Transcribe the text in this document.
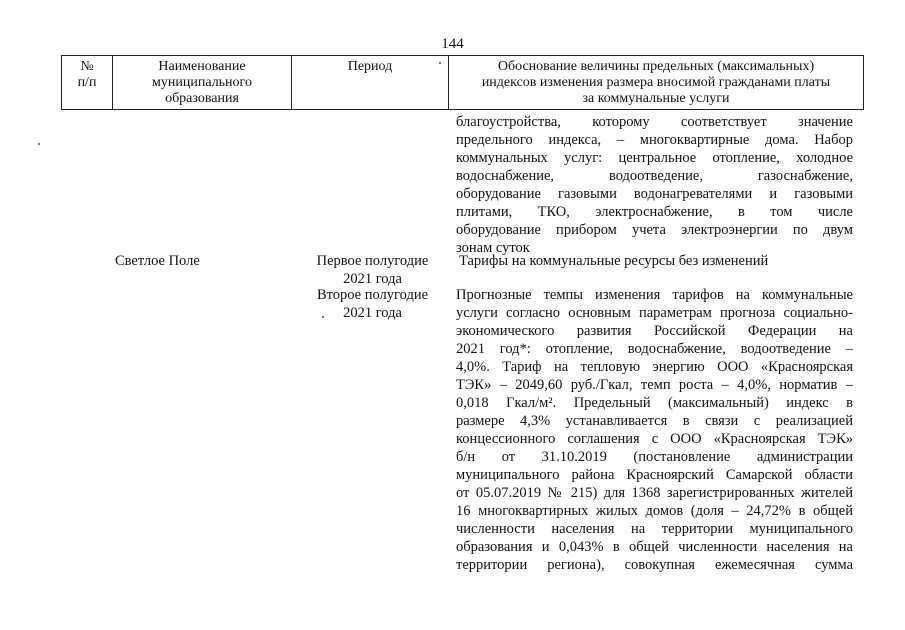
144
№
п/п
Наименование
муниципального
образования
Период	Обоснование величины предельных (максимальных)
индексов изменения размера вносимой гражданами платы
за коммунальные услуги
благоустройства, которому соответствует значение
предельного индекса, – многоквартирные дома. Набор
коммунальных услуг: центральное отопление, холодное
водоснабжение, водоотведение, газоснабжение,
оборудование газовыми водонагревателями и газовыми
плитами, ТКО, электроснабжение, в том числе
оборудование прибором учета электроэнергии по двум
зонам суток
Светлое Поле	Первое полугодие
2021 года
Тарифы на коммунальные ресурсы без изменений
Второе полугодие
2021 года
Прогнозные темпы изменения тарифов на коммунальные
услуги согласно основным параметрам прогноза социально-
экономического развития Российской Федерации на
2021 год*: отопление, водоснабжение, водоотведение –
4,0%. Тариф на тепловую энергию ООО «Красноярская
ТЭК» – 2049,60 руб./Гкал, темп роста – 4,0%, норматив –
0,018 Гкал/м². Предельный (максимальный) индекс в
размере 4,3% устанавливается в связи с реализацией
концессионного соглашения с ООО «Красноярская ТЭК»
б/н от 31.10.2019 (постановление администрации
муниципального района Красноярский Самарской области
от 05.07.2019 № 215) для 1368 зарегистрированных жителей
16 многоквартирных жилых домов (доля – 24,72% в общей
численности населения на территории муниципального
образования и 0,043% в общей численности населения на
территории региона), совокупная ежемесячная сумма
